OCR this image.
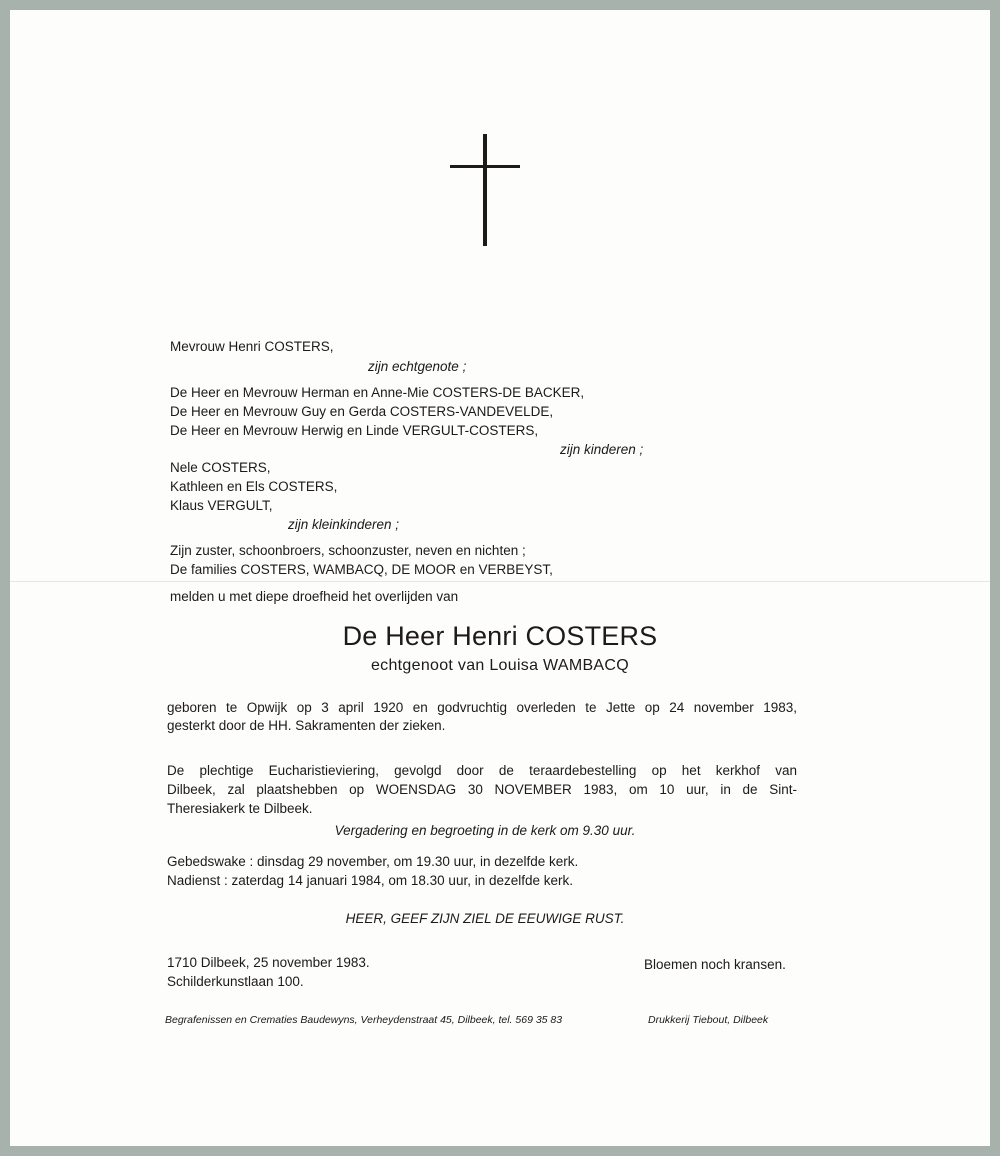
Mevrouw Henri COSTERS,
zijn echtgenote ;
De Heer en Mevrouw Herman en Anne-Mie COSTERS-DE BACKER,
De Heer en Mevrouw Guy en Gerda COSTERS-VANDEVELDE,
De Heer en Mevrouw Herwig en Linde VERGULT-COSTERS,
zijn kinderen ;
Nele COSTERS,
Kathleen en Els COSTERS,
Klaus VERGULT,
zijn kleinkinderen ;
Zijn zuster, schoonbroers, schoonzuster, neven en nichten ;
De families COSTERS, WAMBACQ, DE MOOR en VERBEYST,
melden u met diepe droefheid het overlijden van
De Heer Henri COSTERS
echtgenoot van Louisa WAMBACQ
geboren te Opwijk op 3 april 1920 en godvruchtig overleden te Jette op 24 november 1983,
gesterkt door de HH. Sakramenten der zieken.
De plechtige Eucharistieviering, gevolgd door de teraardebestelling op het kerkhof van
Dilbeek, zal plaatshebben op WOENSDAG 30 NOVEMBER 1983, om 10 uur, in de Sint-
Theresiakerk te Dilbeek.
Vergadering en begroeting in de kerk om 9.30 uur.
Gebedswake : dinsdag 29 november, om 19.30 uur, in dezelfde kerk.
Nadienst : zaterdag 14 januari 1984, om 18.30 uur, in dezelfde kerk.
HEER, GEEF ZIJN ZIEL DE EEUWIGE RUST.
1710 Dilbeek, 25 november 1983.
Schilderkunstlaan 100.
Bloemen noch kransen.
Begrafenissen en Crematies Baudewyns, Verheydenstraat 45, Dilbeek, tel. 569 35 83	Drukkerij Tiebout, Dilbeek
